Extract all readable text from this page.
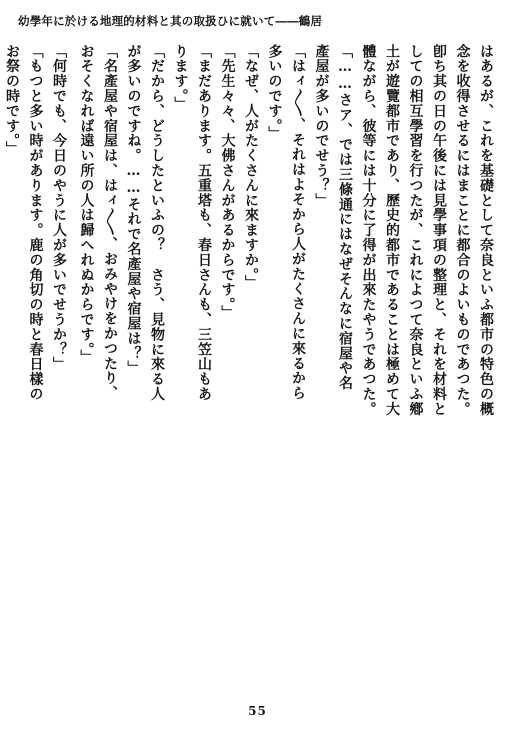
幼學年に於ける地理的材料と其の取扱ひに就いて――鶴居
はあるが、これを基礎として奈良といふ都市の特色の概
念を收得させるにはまことに都合のよいものであつた。
卽ち其の日の午後には見學事項の整理と、それを材料と
しての相互學習を行つたが、これによつて奈良といふ鄕
土が遊覽都市であり、歷史的都市であることは極めて大
體ながら、彼等には十分に了得が出來たやうであつた。
「……さア、では三條通にはなぜそんなに宿屋や名
產屋が多いのでせう？」
「はィ〳〵、それはよそから人がたくさんに來るから
多いのです。」
「なぜ、人がたくさんに來ますか。」
「先生々々、大佛さんがあるからです。」
「まだあります。五重塔も、春日さんも、三笠山もあ
ります。」
「だから、どうしたといふの？　さう、見物に來る人
が多いのですね。……それで名產屋や宿屋は？」
「名產屋や宿屋は、はィ〳〵、おみやけをかつたり、
おそくなれば遠い所の人は歸へれぬからです。」
「何時でも、今日のやうに人が多いでせうか？」
「もつと多い時があります。鹿の角切の時と春日樣の
お祭の時です。」
55
